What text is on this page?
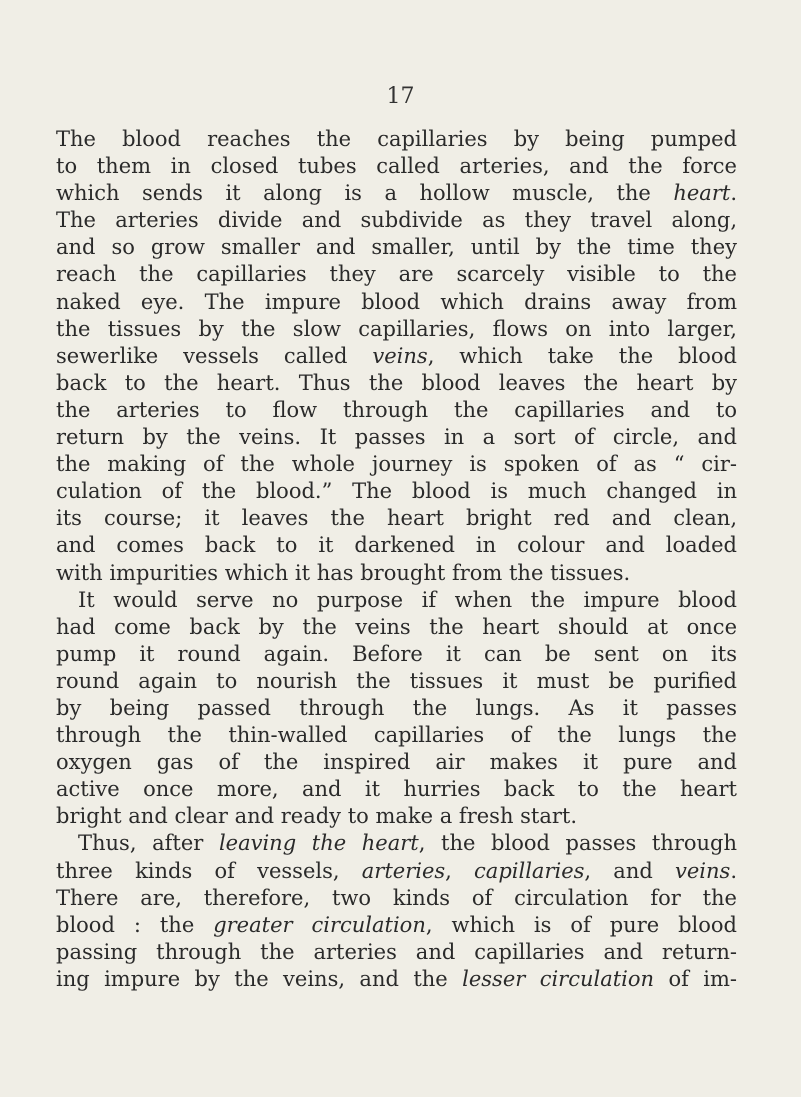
17
The blood reaches the capillaries by being pumped
to them in closed tubes called arteries, and the force
which sends it along is a hollow muscle, the heart.
The arteries divide and subdivide as they travel along,
and so grow smaller and smaller, until by the time they
reach the capillaries they are scarcely visible to the
naked eye. The impure blood which drains away from
the tissues by the slow capillaries, flows on into larger,
sewerlike vessels called veins, which take the blood
back to the heart. Thus the blood leaves the heart by
the arteries to flow through the capillaries and to
return by the veins. It passes in a sort of circle, and
the making of the whole journey is spoken of as “ cir-
culation of the blood.” The blood is much changed in
its course; it leaves the heart bright red and clean,
and comes back to it darkened in colour and loaded
with impurities which it has brought from the tissues.
It would serve no purpose if when the impure blood
had come back by the veins the heart should at once
pump it round again. Before it can be sent on its
round again to nourish the tissues it must be purified
by being passed through the lungs. As it passes
through the thin-walled capillaries of the lungs the
oxygen gas of the inspired air makes it pure and
active once more, and it hurries back to the heart
bright and clear and ready to make a fresh start.
Thus, after leaving the heart, the blood passes through
three kinds of vessels, arteries, capillaries, and veins.
There are, therefore, two kinds of circulation for the
blood : the greater circulation, which is of pure blood
passing through the arteries and capillaries and return-
ing impure by the veins, and the lesser circulation of im-
